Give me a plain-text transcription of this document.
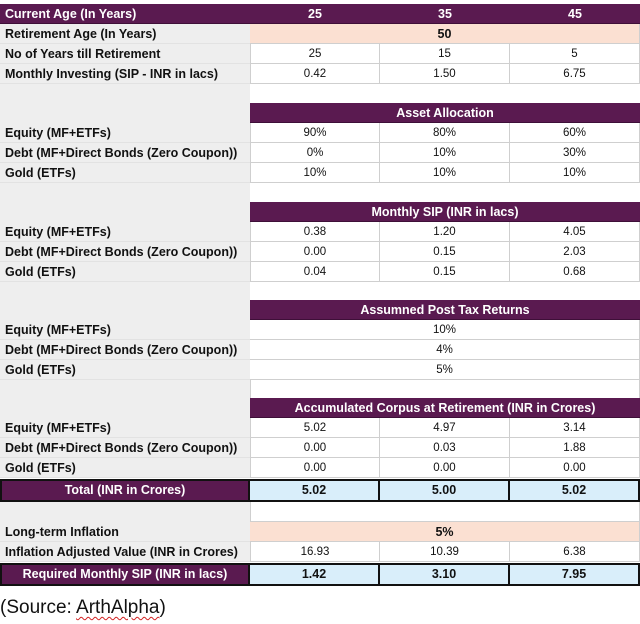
Current Age (In Years)	25	35	45
Retirement Age (In Years)	50
No of Years till Retirement	25	15	5
Monthly Investing (SIP - INR in lacs)	0.42	1.50	6.75
Asset Allocation
Equity (MF+ETFs)	90%	80%	60%
Debt (MF+Direct Bonds (Zero Coupon))	0%	10%	30%
Gold (ETFs)	10%	10%	10%
Monthly SIP (INR in lacs)
Equity (MF+ETFs)	0.38	1.20	4.05
Debt (MF+Direct Bonds (Zero Coupon))	0.00	0.15	2.03
Gold (ETFs)	0.04	0.15	0.68
Assumned Post Tax Returns
Equity (MF+ETFs)	10%
Debt (MF+Direct Bonds (Zero Coupon))	4%
Gold (ETFs)	5%
Accumulated Corpus at Retirement (INR in Crores)
Equity (MF+ETFs)	5.02	4.97	3.14
Debt (MF+Direct Bonds (Zero Coupon))	0.00	0.03	1.88
Gold (ETFs)	0.00	0.00	0.00
Total (INR in Crores)	5.02	5.00	5.02
Long-term Inflation	5%
Inflation Adjusted Value (INR in Crores)	16.93	10.39	6.38
Required Monthly SIP (INR in lacs)	1.42	3.10	7.95
(Source: ArthAlpha)
